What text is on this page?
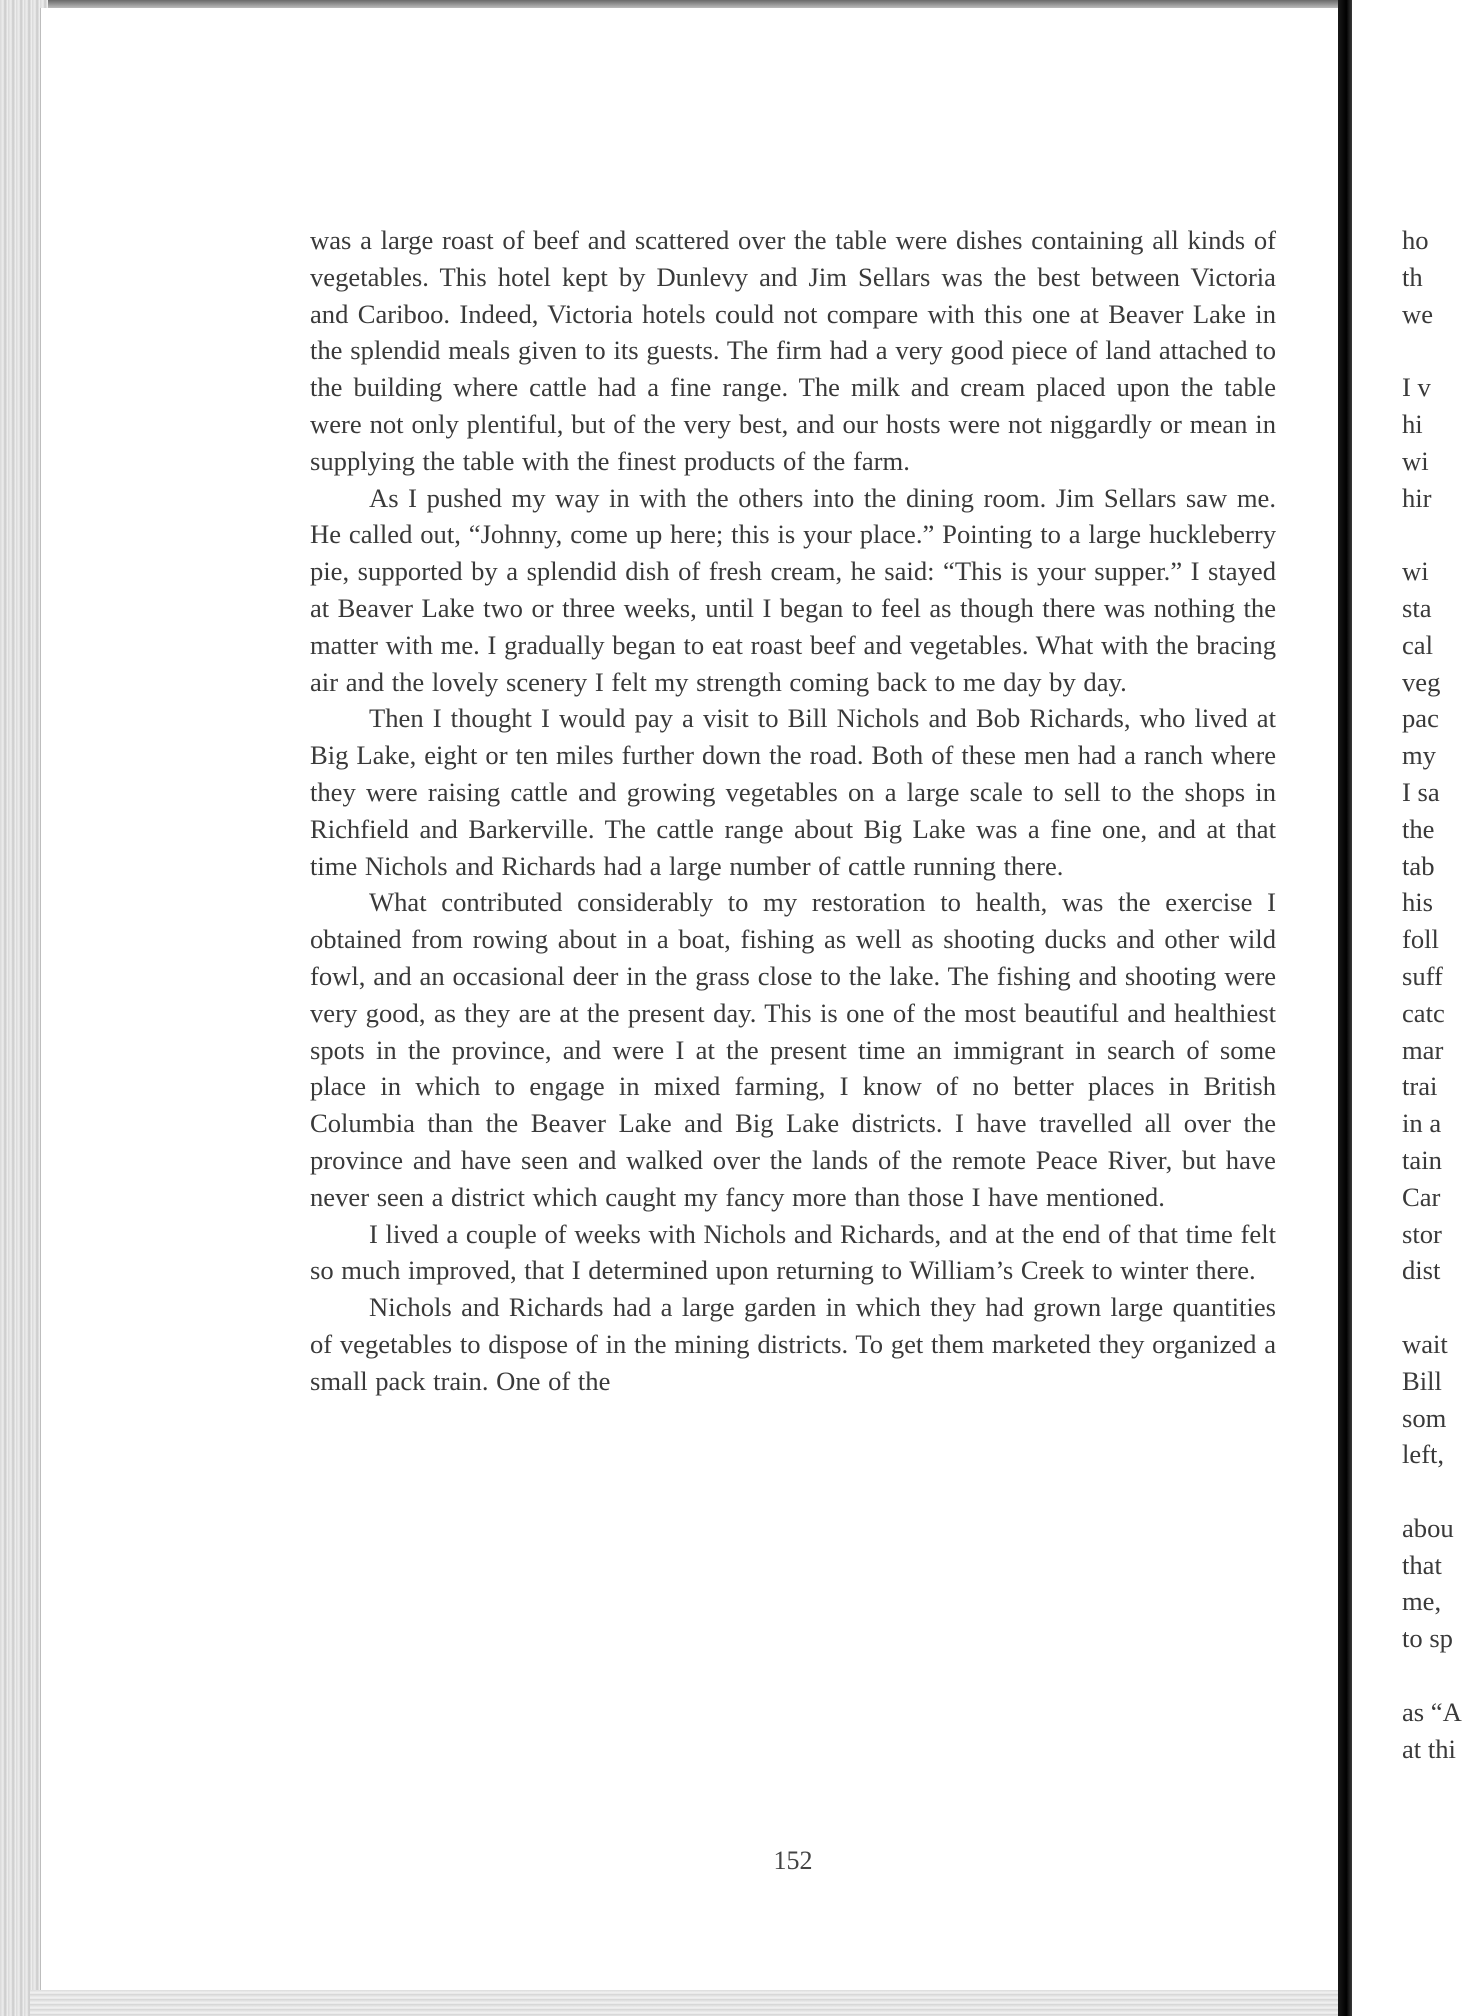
was a large roast of beef and scattered over the table were dishes containing all kinds of vegetables. This hotel kept by Dunlevy and Jim Sellars was the best between Victoria and Cariboo. Indeed, Victoria hotels could not compare with this one at Beaver Lake in the splendid meals given to its guests. The firm had a very good piece of land attached to the building where cattle had a fine range. The milk and cream placed upon the table were not only plentiful, but of the very best, and our hosts were not niggardly or mean in supplying the table with the finest products of the farm.

As I pushed my way in with the others into the dining room. Jim Sellars saw me. He called out, “Johnny, come up here; this is your place.” Pointing to a large huckleberry pie, supported by a splendid dish of fresh cream, he said: “This is your supper.” I stayed at Beaver Lake two or three weeks, until I began to feel as though there was nothing the matter with me. I gradually began to eat roast beef and vegetables. What with the bracing air and the lovely scenery I felt my strength coming back to me day by day.

Then I thought I would pay a visit to Bill Nichols and Bob Richards, who lived at Big Lake, eight or ten miles further down the road. Both of these men had a ranch where they were raising cattle and growing vegetables on a large scale to sell to the shops in Richfield and Barkerville. The cattle range about Big Lake was a fine one, and at that time Nichols and Richards had a large number of cattle running there.

What contributed considerably to my restoration to health, was the exercise I obtained from rowing about in a boat, fishing as well as shooting ducks and other wild fowl, and an occasional deer in the grass close to the lake. The fishing and shooting were very good, as they are at the present day. This is one of the most beautiful and healthiest spots in the province, and were I at the present time an immigrant in search of some place in which to engage in mixed farming, I know of no better places in British Columbia than the Beaver Lake and Big Lake districts. I have travelled all over the province and have seen and walked over the lands of the remote Peace River, but have never seen a district which caught my fancy more than those I have mentioned.

I lived a couple of weeks with Nichols and Richards, and at the end of that time felt so much improved, that I determined upon returning to William’s Creek to winter there.

Nichols and Richards had a large garden in which they had grown large quantities of vegetables to dispose of in the mining districts. To get them marketed they organized a small pack train. One of the

152
ho
th
we
I v
hi
wi
hir
wi
sta
cal
veg
pac
my
I sa
the
tab
his
foll
suff
catc
mar
trai
in a
tain
Car
stor
dist
wait
Bill
som
left,
abou
that
me,
to sp
as “A
at thi
